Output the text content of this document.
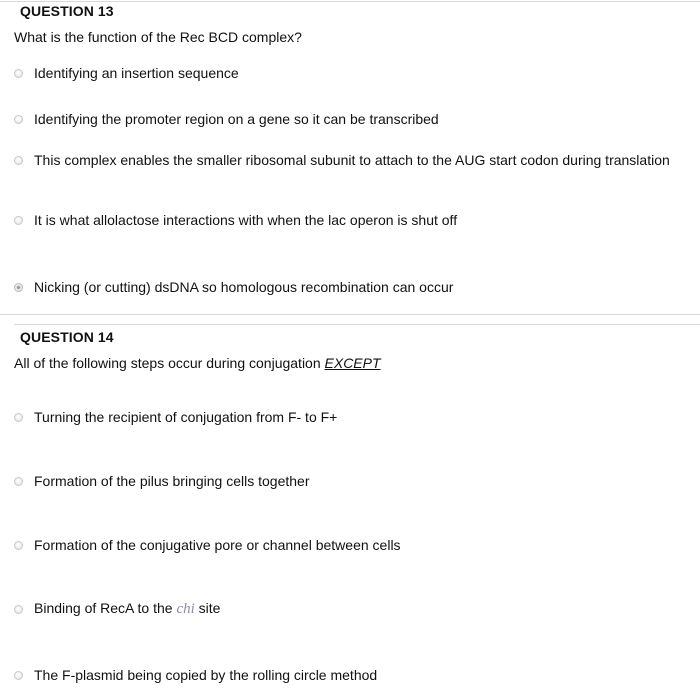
QUESTION 13
What is the function of the Rec BCD complex?
Identifying an insertion sequence
Identifying the promoter region on a gene so it can be transcribed
This complex enables the smaller ribosomal subunit to attach to the AUG start codon during translation
It is what allolactose interactions with when the lac operon is shut off
Nicking (or cutting) dsDNA so homologous recombination can occur
QUESTION 14
All of the following steps occur during conjugation EXCEPT
Turning the recipient of conjugation from F- to F+
Formation of the pilus bringing cells together
Formation of the conjugative pore or channel between cells
Binding of RecA to the chi site
The F-plasmid being copied by the rolling circle method
